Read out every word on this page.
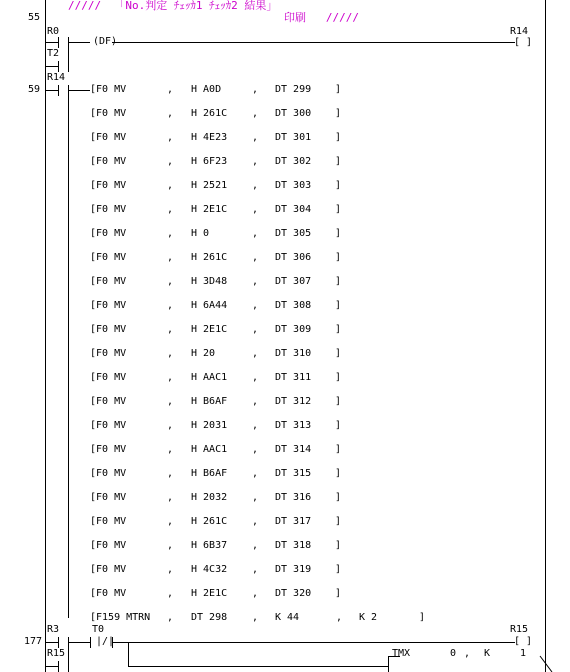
/////  「No.判定 ﾁｪｯｶ1 ﾁｪｯｶ2 結果」
印刷   /////
55
R0
(DF)
R14
[ ]
T2
59
R14
[F0 MV	, H A0D	, DT 299 ]
[F0 MV	, H 261C , DT 300 ]
[F0 MV	, H 4E23 , DT 301 ]
[F0 MV	, H 6F23 , DT 302 ]
[F0 MV	, H 2521 , DT 303 ]
[F0 MV	, H 2E1C , DT 304 ]
[F0 MV	, H 0	, DT 305 ]
[F0 MV	, H 261C , DT 306 ]
[F0 MV	, H 3D48 , DT 307 ]
[F0 MV	, H 6A44 , DT 308 ]
[F0 MV	, H 2E1C , DT 309 ]
[F0 MV	, H 20	, DT 310 ]
[F0 MV	, H AAC1 , DT 311 ]
[F0 MV	, H B6AF , DT 312 ]
[F0 MV	, H 2031 , DT 313 ]
[F0 MV	, H AAC1 , DT 314 ]
[F0 MV	, H B6AF , DT 315 ]
[F0 MV	, H 2032 , DT 316 ]
[F0 MV	, H 261C , DT 317 ]
[F0 MV	, H 6B37 , DT 318 ]
[F0 MV	, H 4C32 , DT 319 ]
[F0 MV	, H 2E1C , DT 320 ]
[F159 MTRN , DT 298 , K 44	, K 2	]
177
R3	T0
|/|
R15
[ ]
R15	TMX	0 , K	1
